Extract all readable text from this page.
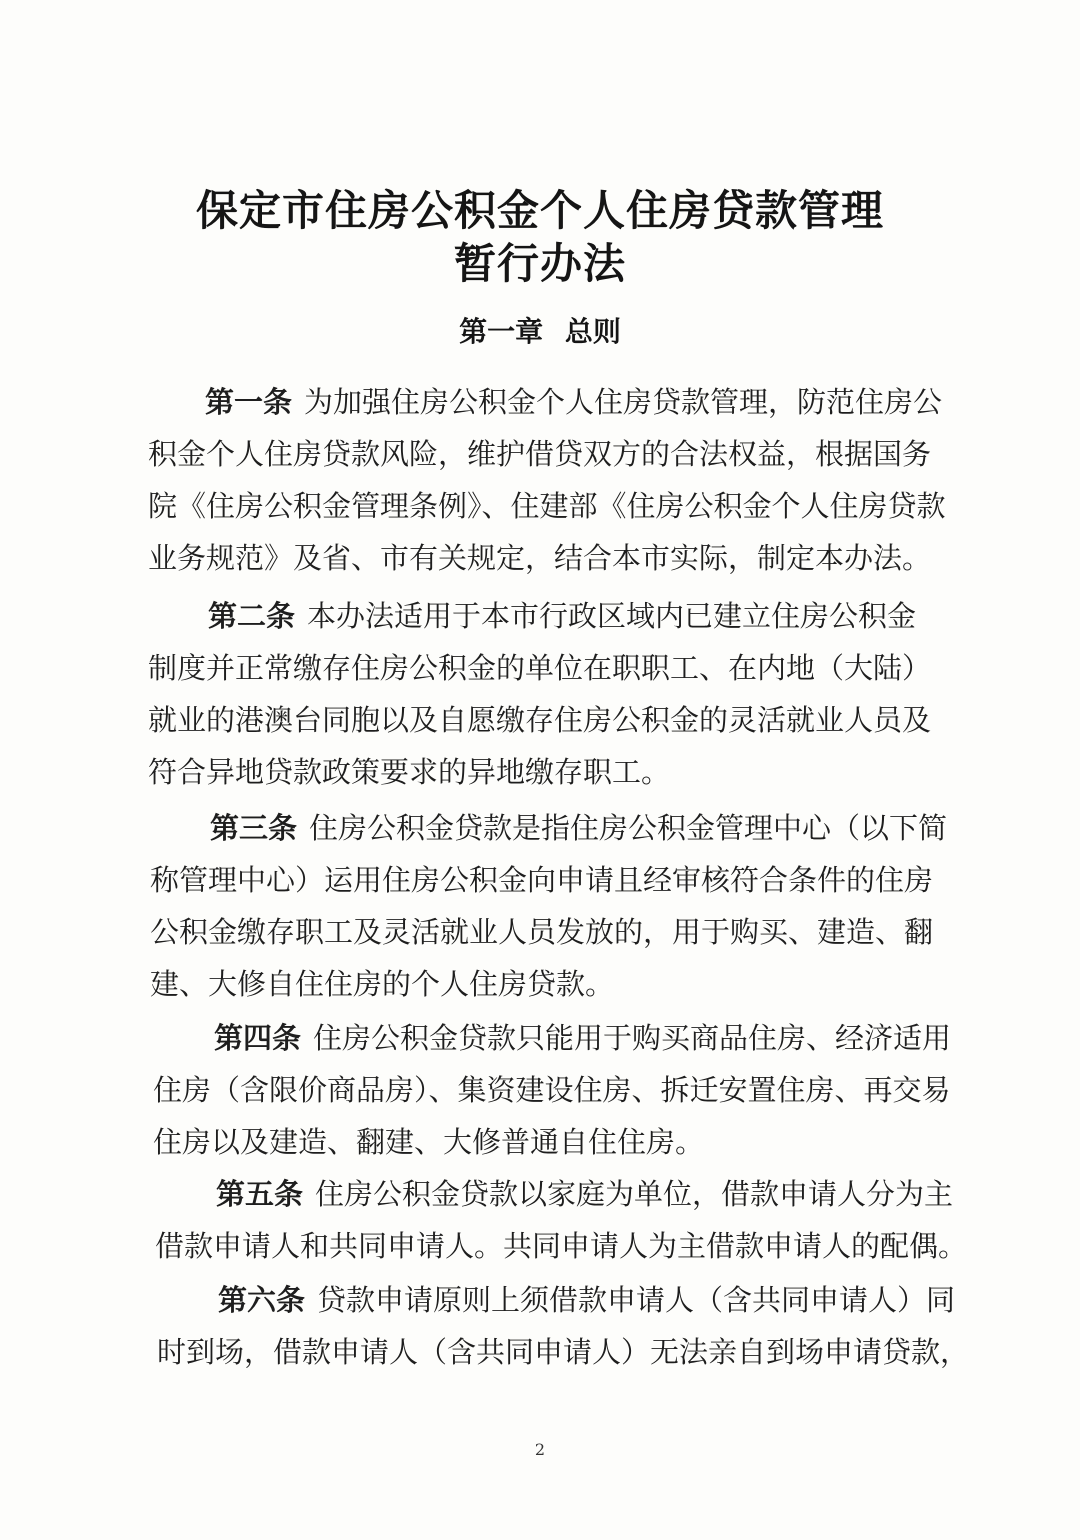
保定市住房公积金个人住房贷款管理
暂行办法
第一章 总则
第一条 为加强住房公积金个人住房贷款管理，防范住房公
积金个人住房贷款风险，维护借贷双方的合法权益，根据国务
院《住房公积金管理条例》、住建部《住房公积金个人住房贷款
业务规范》及省、市有关规定，结合本市实际，制定本办法。
第二条 本办法适用于本市行政区域内已建立住房公积金
制度并正常缴存住房公积金的单位在职职工、在内地（大陆）
就业的港澳台同胞以及自愿缴存住房公积金的灵活就业人员及
符合异地贷款政策要求的异地缴存职工。
第三条 住房公积金贷款是指住房公积金管理中心（以下简
称管理中心）运用住房公积金向申请且经审核符合条件的住房
公积金缴存职工及灵活就业人员发放的，用于购买、建造、翻
建、大修自住住房的个人住房贷款。
第四条 住房公积金贷款只能用于购买商品住房、经济适用
住房（含限价商品房）、集资建设住房、拆迁安置住房、再交易
住房以及建造、翻建、大修普通自住住房。
第五条 住房公积金贷款以家庭为单位，借款申请人分为主
借款申请人和共同申请人。共同申请人为主借款申请人的配偶。
第六条 贷款申请原则上须借款申请人（含共同申请人）同
时到场，借款申请人（含共同申请人）无法亲自到场申请贷款，
2
